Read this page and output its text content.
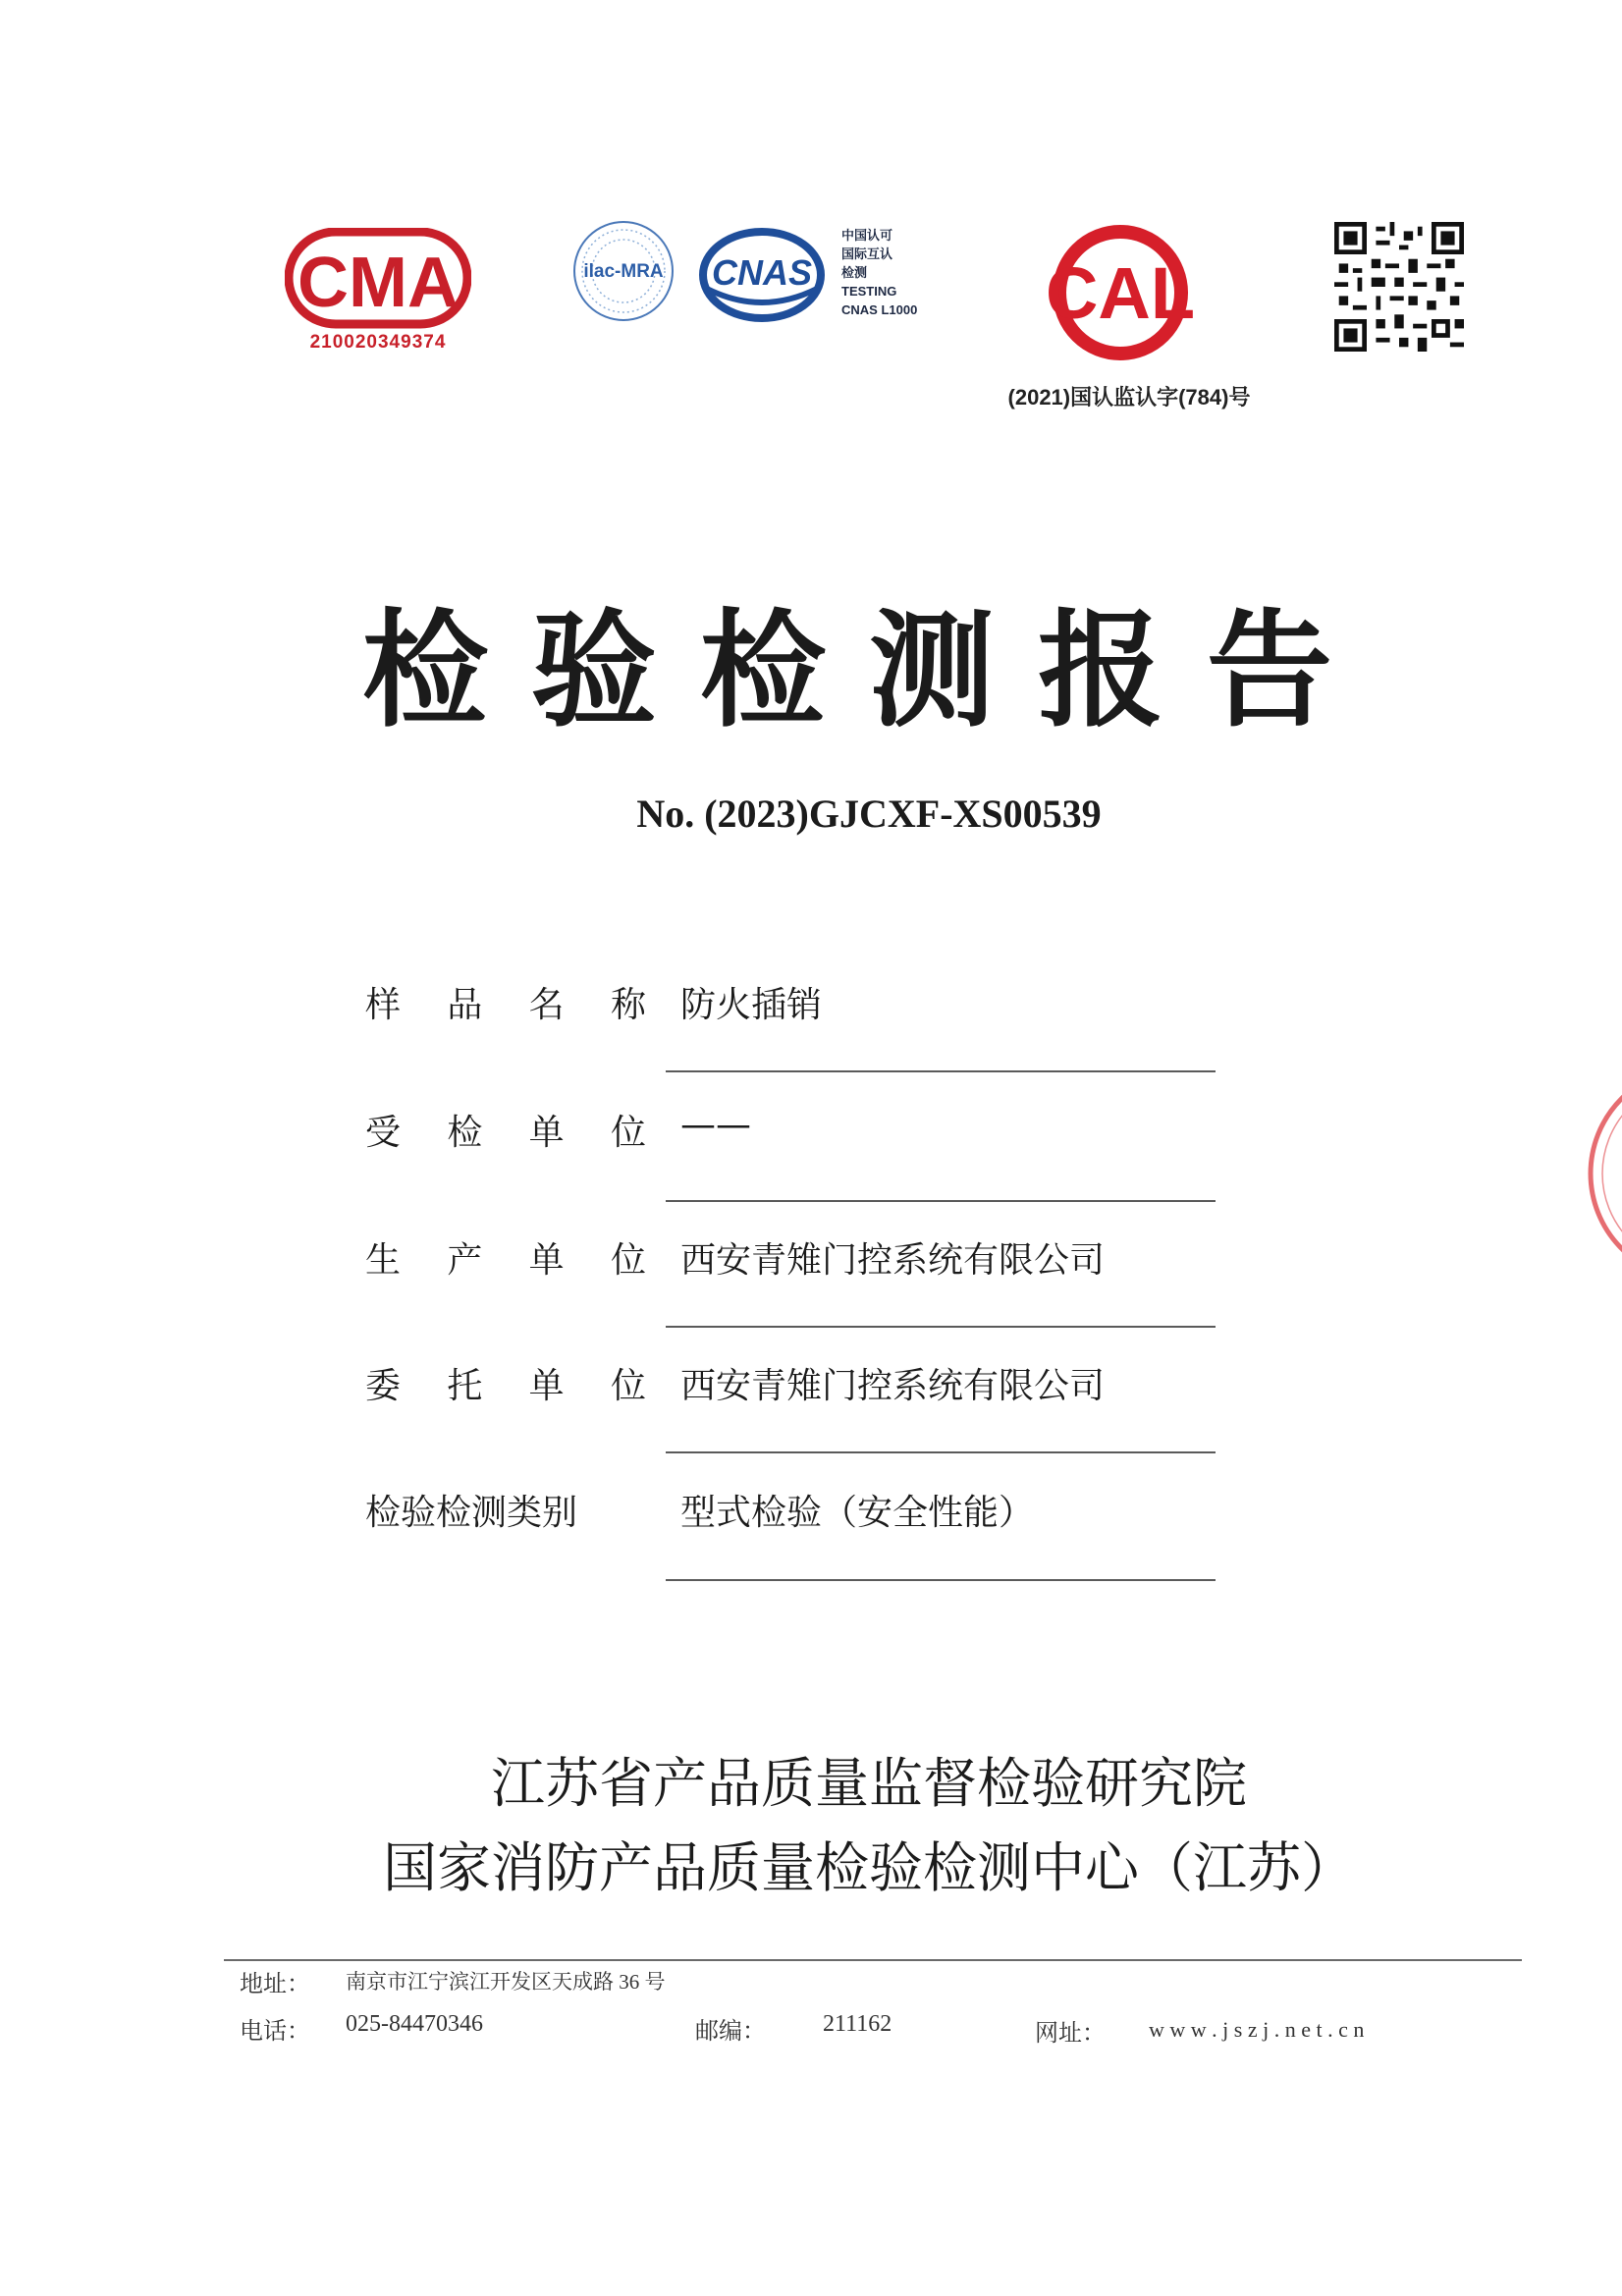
CMA
210020349374
ilac-MRA CNAS
中国认可
国际互认
检测
TESTING
CNAS L1000	CAL
(2021)国认监认字(784)号
检验检测报告
No. (2023)GJCXF-XS00539
样 品 名 称 防火插销
受 检 单 位 ——
生 产 单 位 西安青雉门控系统有限公司
委 托 单 位 西安青雉门控系统有限公司
检验检测类别	型式检验（安全性能）
江苏省产品质量监督检验研究院
国家消防产品质量检验检测中心（江苏）
地址： 南京市江宁滨江开发区天成路 36 号
电话： 025-84470346	邮编： 211162	网址： w w w . j s z j . n e t . c n
